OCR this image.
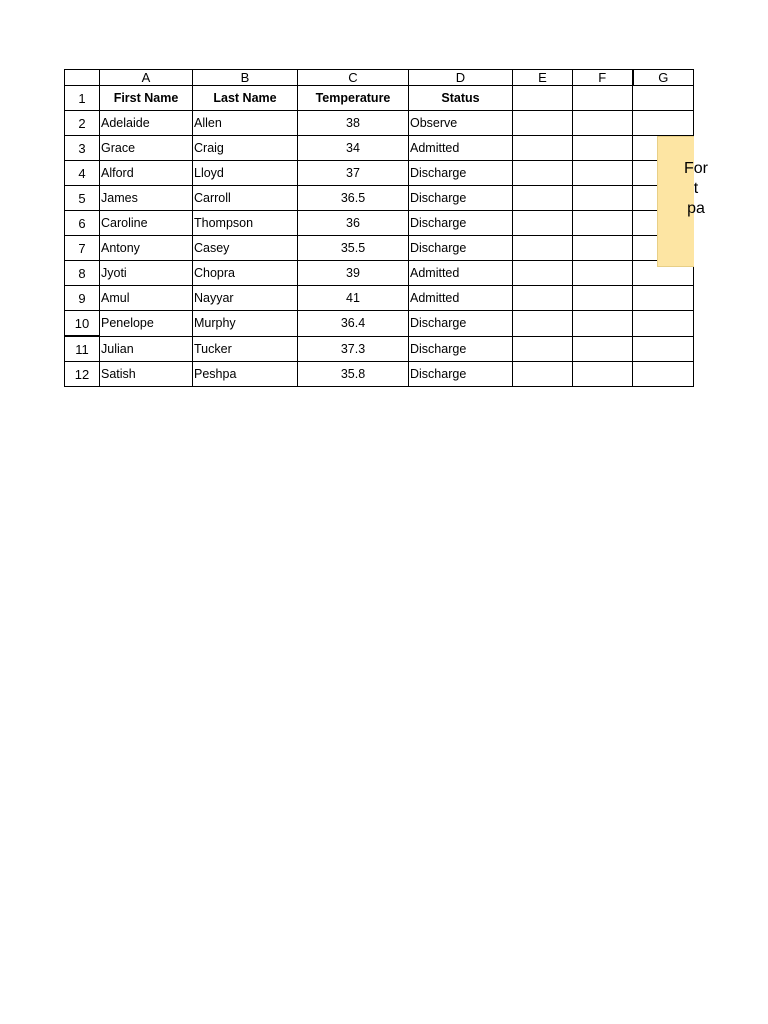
	A	B	C	D	E	F	G
1	First Name	Last Name	Temperature	Status			
2	Adelaide	Allen	38	Observe			
3	Grace	Craig	34	Admitted			
4	Alford	Lloyd	37	Discharge			
5	James	Carroll	36.5	Discharge			
6	Caroline	Thompson	36	Discharge			
7	Antony	Casey	35.5	Discharge			
8	Jyoti	Chopra	39	Admitted			
9	Amul	Nayyar	41	Admitted			
10	Penelope	Murphy	36.4	Discharge			
11	Julian	Tucker	37.3	Discharge			
12	Satish	Peshpa	35.8	Discharge			
For
t
pa
